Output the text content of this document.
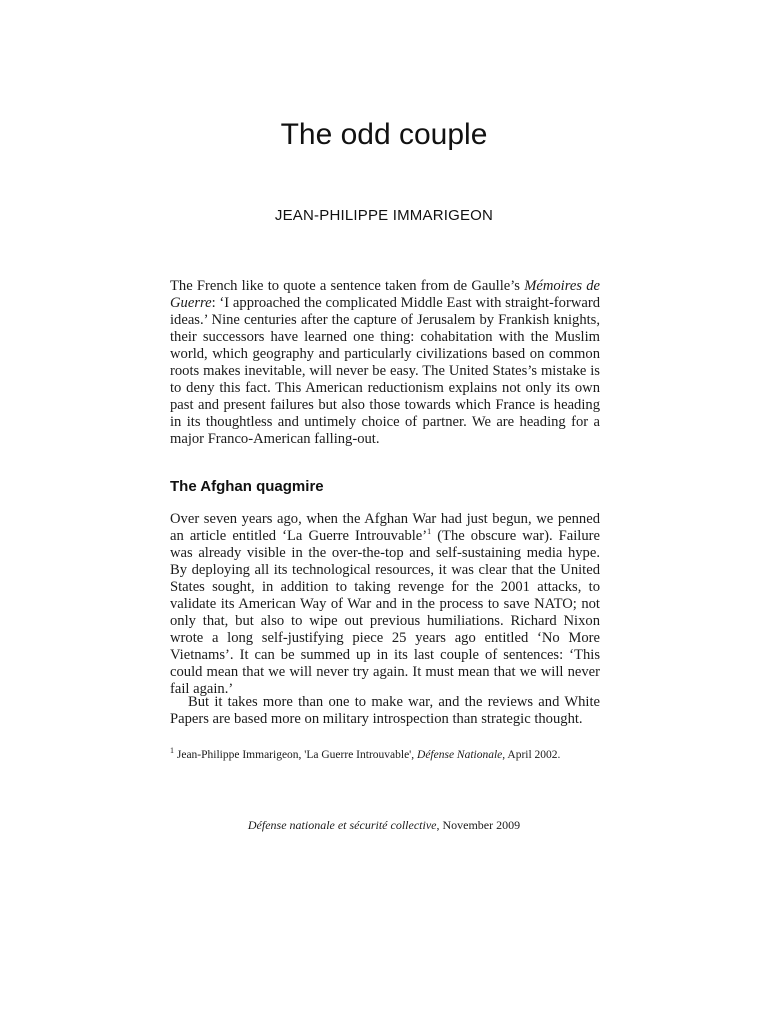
The odd couple

JEAN-PHILIPPE IMMARIGEON

The French like to quote a sentence taken from de Gaulle’s Mémoires de Guerre: ‘I approached the complicated Middle East with straight-forward ideas.’ Nine centuries after the capture of Jerusalem by Frankish knights, their successors have learned one thing: cohabitation with the Muslim world, which geography and particularly civilizations based on common roots makes inevitable, will never be easy. The United States’s mistake is to deny this fact. This American reductionism explains not only its own past and present failures but also those towards which France is heading in its thoughtless and untimely choice of partner. We are heading for a major Franco-American falling-out.

The Afghan quagmire

Over seven years ago, when the Afghan War had just begun, we penned an article entitled ‘La Guerre Introuvable’$^1$ (The obscure war). Failure was already visible in the over-the-top and self-sustaining media hype. By deploying all its technological resources, it was clear that the United States sought, in addition to taking revenge for the 2001 attacks, to validate its American Way of War and in the process to save NATO; not only that, but also to wipe out previous humiliations. Richard Nixon wrote a long self-justifying piece 25 years ago entitled ‘No More Vietnams’. It can be summed up in its last couple of sentences: ‘This could mean that we will never try again. It must mean that we will never fail again.’

But it takes more than one to make war, and the reviews and White Papers are based more on military introspection than strategic thought.

$^1$ Jean-Philippe Immarigeon, 'La Guerre Introuvable', Défense Nationale, April 2002.

Défense nationale et sécurité collective, November 2009
